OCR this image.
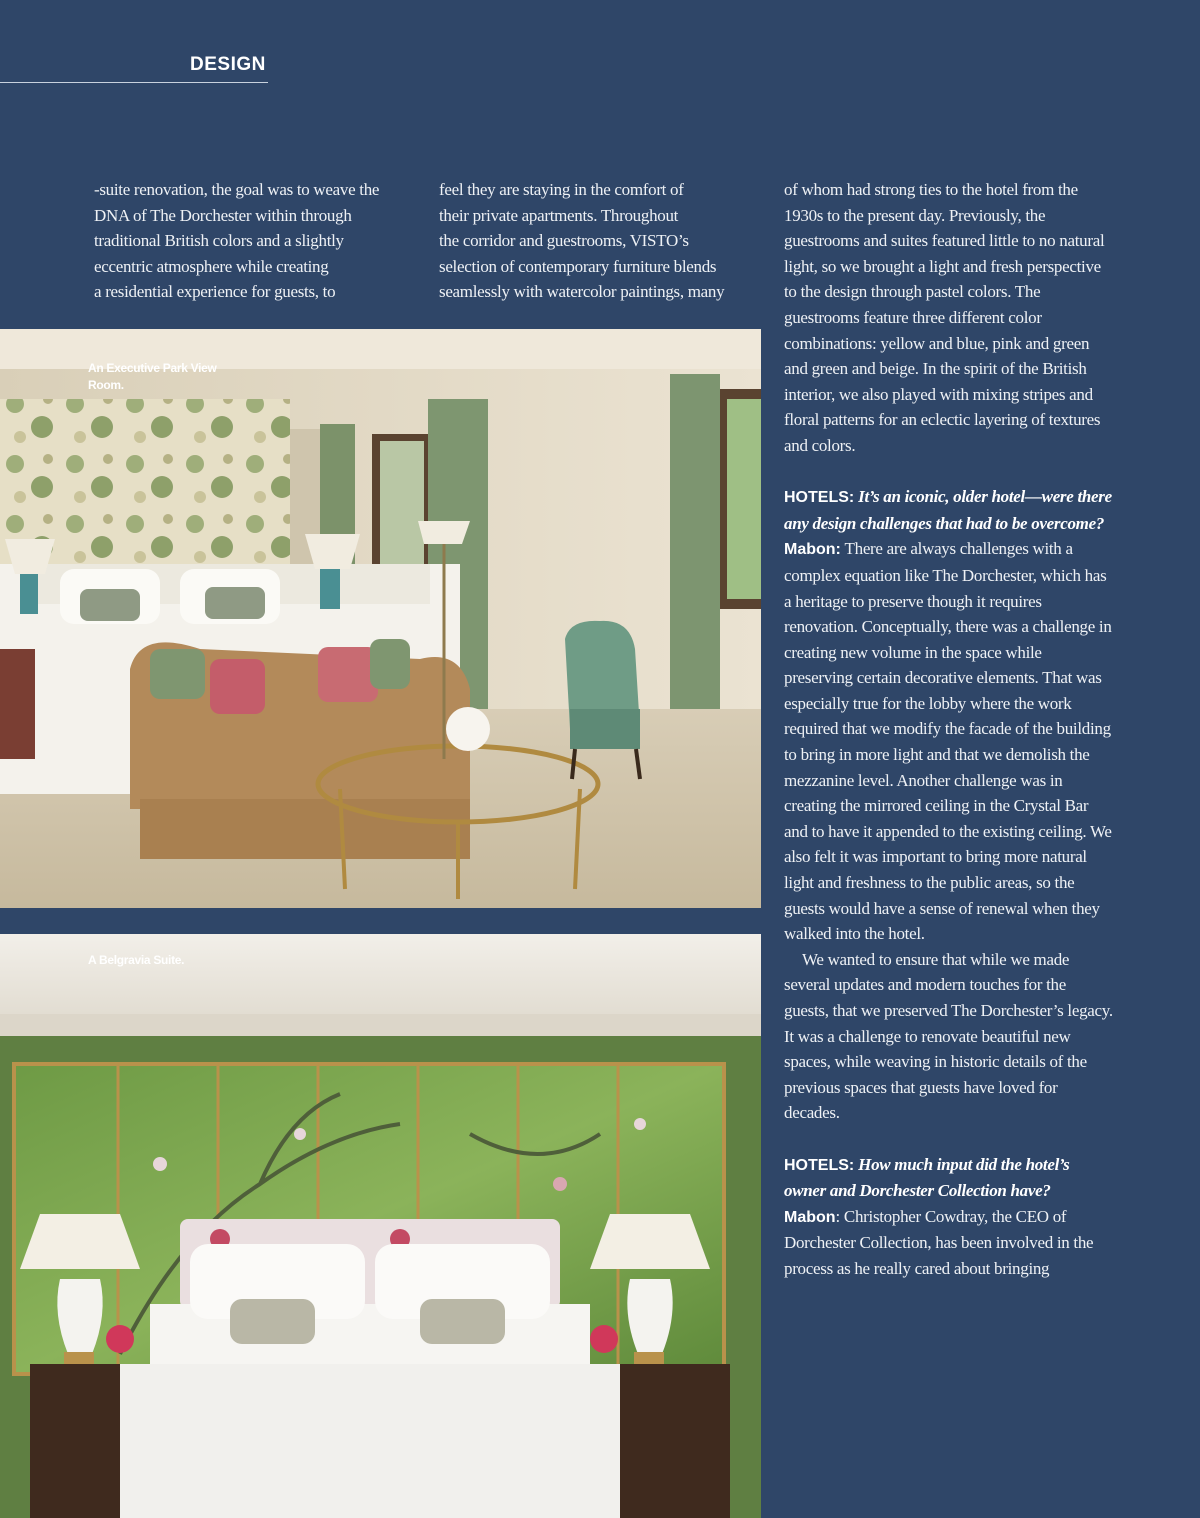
DESIGN

-suite renovation, the goal was to weave the

DNA of The Dorchester within through

traditional British colors and a slightly

eccentric atmosphere while creating

a residential experience for guests, to

feel they are staying in the comfort of

their private apartments. Throughout

the corridor and guestrooms, VISTO’s

selection of contemporary furniture blends

seamlessly with watercolor paintings, many

of whom had strong ties to the hotel from the 1930s to the present day. Previously, the guestrooms and suites featured little to no natural light, so we brought a light and fresh perspective to the design through pastel colors. The guestrooms feature three different color combinations: yellow and blue, pink and green and green and beige. In the spirit of the British interior, we also played with mixing stripes and floral patterns for an eclectic layering of textures and colors.

HOTELS: It’s an iconic, older hotel—were there any design challenges that had to be overcome?

Mabon: There are always challenges with a complex equation like The Dorchester, which has a heritage to preserve though it requires renovation. Conceptually, there was a challenge in creating new volume in the space while preserving certain decorative elements. That was especially true for the lobby where the work required that we modify the facade of the building to bring in more light and that we demolish the mezzanine level. Another challenge was in creating the mirrored ceiling in the Crystal Bar and to have it appended to the existing ceiling. We also felt it was important to bring more natural light and freshness to the public areas, so the guests would have a sense of renewal when they walked into the hotel.

We wanted to ensure that while we made several updates and modern touches for the guests, that we preserved The Dorchester’s legacy. It was a challenge to renovate beautiful new spaces, while weaving in historic details of the previous spaces that guests have loved for decades.

HOTELS: How much input did the hotel’s owner and Dorchester Collection have?

Mabon: Christopher Cowdray, the CEO of Dorchester Collection, has been involved in the process as he really cared about bringing

An Executive Park View Room.
A Belgravia Suite.
